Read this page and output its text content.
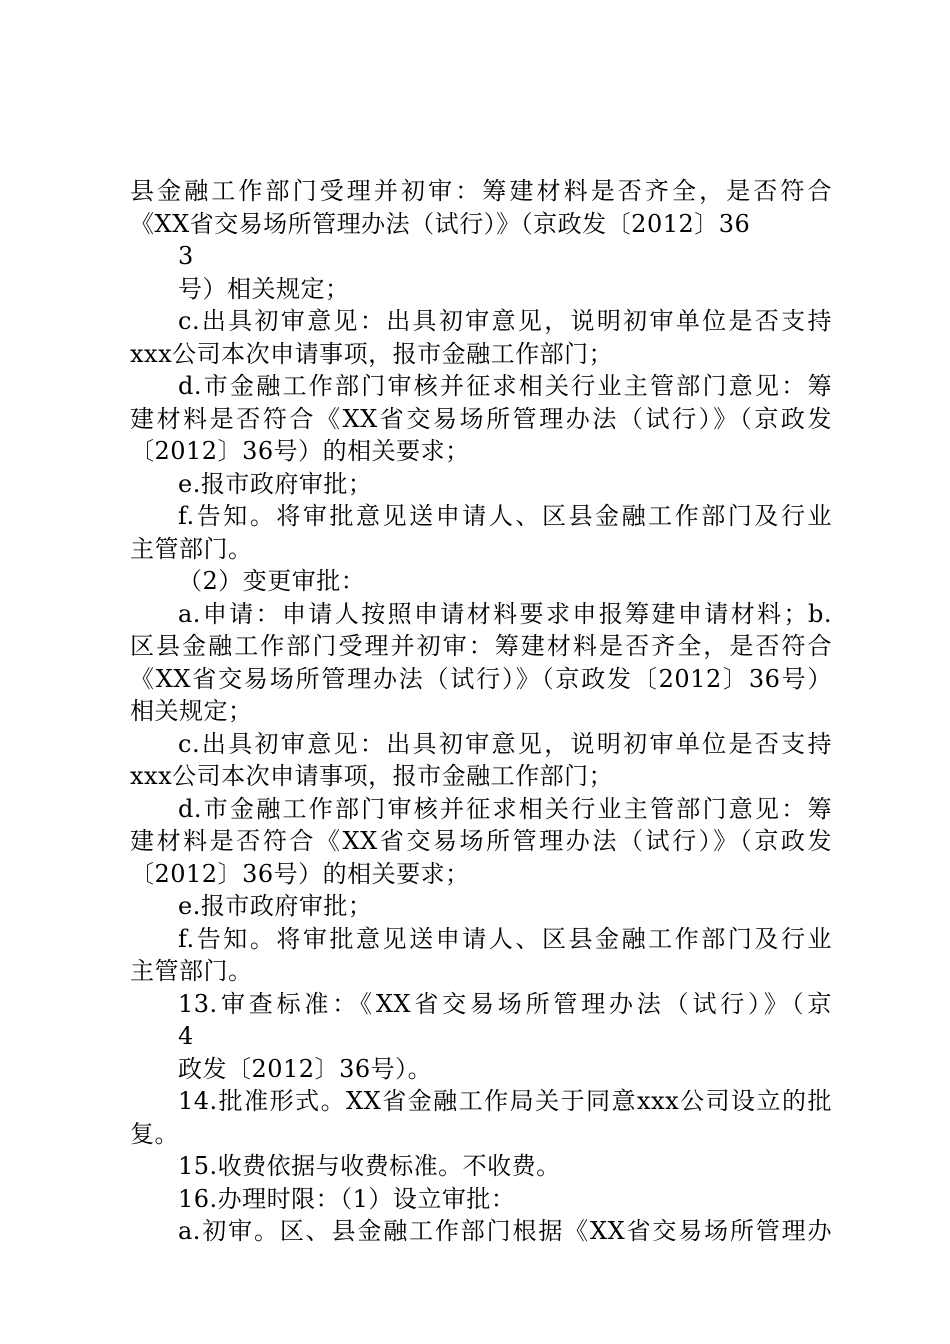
县金融工作部门受理并初审：筹建材料是否齐全，是否符合
《XX省交易场所管理办法（试行）》（京政发〔2012〕36
3
号）相关规定；
c.出具初审意见：出具初审意见，说明初审单位是否支持
xxx公司本次申请事项，报市金融工作部门；
d.市金融工作部门审核并征求相关行业主管部门意见：筹
建材料是否符合《XX省交易场所管理办法（试行）》（京政发
〔2012〕36号）的相关要求；
e.报市政府审批；
f.告知。将审批意见送申请人、区县金融工作部门及行业
主管部门。
（2）变更审批：
a.申请：申请人按照申请材料要求申报筹建申请材料；b.
区县金融工作部门受理并初审：筹建材料是否齐全，是否符合
《XX省交易场所管理办法（试行）》（京政发〔2012〕36号）
相关规定；
c.出具初审意见：出具初审意见，说明初审单位是否支持
xxx公司本次申请事项，报市金融工作部门；
d.市金融工作部门审核并征求相关行业主管部门意见：筹
建材料是否符合《XX省交易场所管理办法（试行）》（京政发
〔2012〕36号）的相关要求；
e.报市政府审批；
f.告知。将审批意见送申请人、区县金融工作部门及行业
主管部门。
13.审查标准：《XX省交易场所管理办法（试行）》（京
4
政发〔2012〕36号）。
14.批准形式。XX省金融工作局关于同意xxx公司设立的批
复。
15.收费依据与收费标准。不收费。
16.办理时限：（1）设立审批：
a.初审。区、县金融工作部门根据《XX省交易场所管理办
